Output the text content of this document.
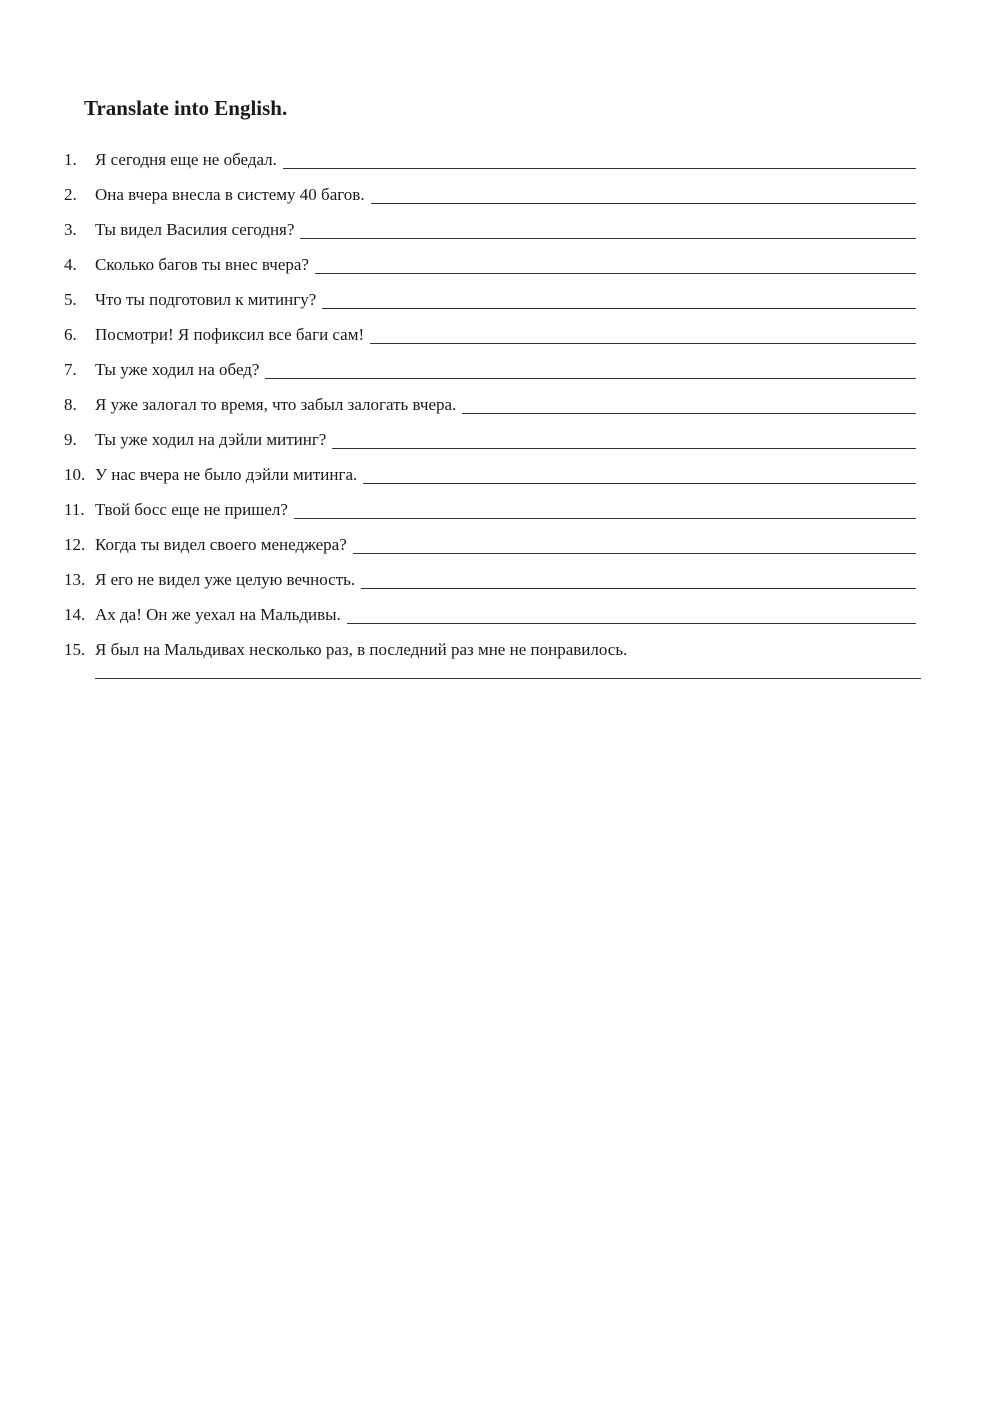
Translate into English.
1.	Я сегодня еще не обедал.
2.	Она вчера внесла в систему 40 багов.
3.	Ты видел Василия сегодня?
4.	Сколько багов ты внес вчера?
5.	Что ты подготовил к митингу?
6.	Посмотри! Я пофиксил все баги сам!
7.	Ты уже ходил на обед?
8.	Я уже залогал то время, что забыл залогать вчера.
9.	Ты уже ходил на дэйли митинг?
10. У нас вчера не было дэйли митинга.
11. Твой босс еще не пришел?
12. Когда ты видел своего менеджера?
13. Я его не видел уже целую вечность.
14. Ах да! Он же уехал на Мальдивы.
15. Я был на Мальдивах несколько раз, в последний раз мне не понравилось.
